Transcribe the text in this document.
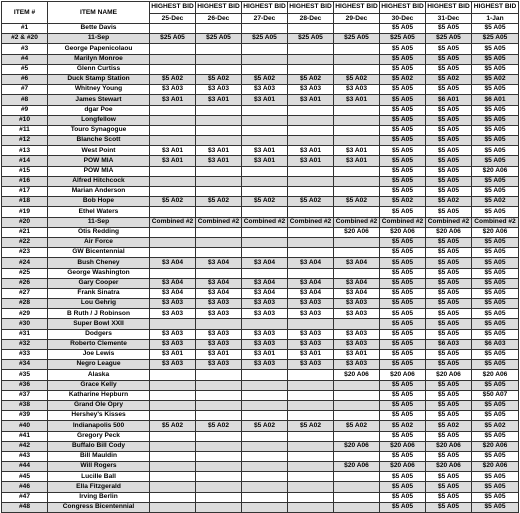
ITEM #	ITEM NAME	HIGHEST BID	HIGHEST BID	HIGHEST BID	HIGHEST BID	HIGHEST BID	HIGHEST BID	HIGHEST BID	HIGHEST BID
		25-Dec	26-Dec	27-Dec	28-Dec	29-Dec	30-Dec	31-Dec	1-Jan
#1	Bette Davis						$5 A05	$5 A05	$5 A05
#2 & #20	11-Sep	$25 A05	$25 A05	$25 A05	$25 A05	$25 A05	$25 A05	$25 A05	$25 A05
#3	George Papenicolaou						$5 A05	$5 A05	$5 A05
#4	Marilyn Monroe						$5 A05	$5 A05	$5 A05
#5	Glenn Curtiss						$5 A05	$5 A05	$5 A05
#6	Duck Stamp Station	$5 A02	$5 A02	$5 A02	$5 A02	$5 A02	$5 A02	$5 A02	$5 A02
#7	Whitney Young	$3 A03	$3 A03	$3 A03	$3 A03	$3 A03	$5 A05	$5 A05	$5 A05
#8	James Stewart	$3 A01	$3 A01	$3 A01	$3 A01	$3 A01	$5 A05	$6 A01	$6 A01
#9	dgar Poe						$5 A05	$5 A05	$5 A05
#10	Longfellow						$5 A05	$5 A05	$5 A05
#11	Touro Synagogue						$5 A05	$5 A05	$5 A05
#12	Blanche Scott						$5 A05	$5 A05	$5 A05
#13	West Point	$3 A01	$3 A01	$3 A01	$3 A01	$3 A01	$5 A05	$5 A05	$5 A05
#14	POW MIA	$3 A01	$3 A01	$3 A01	$3 A01	$3 A01	$5 A05	$5 A05	$5 A05
#15	POW MIA						$5 A05	$5 A05	$20 A06
#16	Alfred Hitchcock						$5 A05	$5 A05	$5 A05
#17	Marian Anderson						$5 A05	$5 A05	$5 A05
#18	Bob Hope	$5 A02	$5 A02	$5 A02	$5 A02	$5 A02	$5 A02	$5 A02	$5 A02
#19	Ethel Waters						$5 A05	$5 A05	$5 A05
#20	11-Sep	Combined #2	Combined #2	Combined #2	Combined #2	Combined #2	Combined #2	Combined #2	Combined #2
#21	Otis Redding					$20 A06	$20 A06	$20 A06	$20 A06
#22	Air Force						$5 A05	$5 A05	$5 A05
#23	GW Bicentennial						$5 A05	$5 A05	$5 A05
#24	Bush Cheney	$3 A04	$3 A04	$3 A04	$3 A04	$3 A04	$5 A05	$5 A05	$5 A05
#25	George Washington						$5 A05	$5 A05	$5 A05
#26	Gary Cooper	$3 A04	$3 A04	$3 A04	$3 A04	$3 A04	$5 A05	$5 A05	$5 A05
#27	Frank Sinatra	$3 A04	$3 A04	$3 A04	$3 A04	$3 A04	$5 A05	$5 A05	$5 A05
#28	Lou Gehrig	$3 A03	$3 A03	$3 A03	$3 A03	$3 A03	$5 A05	$5 A05	$5 A05
#29	B Ruth / J Robinson	$3 A03	$3 A03	$3 A03	$3 A03	$3 A03	$5 A05	$5 A05	$5 A05
#30	Super Bowl XXII						$5 A05	$5 A05	$5 A05
#31	Dodgers	$3 A03	$3 A03	$3 A03	$3 A03	$3 A03	$5 A05	$5 A05	$5 A05
#32	Roberto Clemente	$3 A03	$3 A03	$3 A03	$3 A03	$3 A03	$5 A05	$6 A03	$6 A03
#33	Joe Lewis	$3 A01	$3 A01	$3 A01	$3 A01	$3 A01	$5 A05	$5 A05	$5 A05
#34	Negro League	$3 A03	$3 A03	$3 A03	$3 A03	$3 A03	$5 A05	$5 A05	$5 A05
#35	Alaska					$20 A06	$20 A06	$20 A06	$20 A06
#36	Grace Kelly						$5 A05	$5 A05	$5 A05
#37	Katharine Hepburn						$5 A05	$5 A05	$50 A07
#38	Grand Ole Opry						$5 A05	$5 A05	$5 A05
#39	Hershey's Kisses						$5 A05	$5 A05	$5 A05
#40	Indianapolis 500	$5 A02	$5 A02	$5 A02	$5 A02	$5 A02	$5 A02	$5 A02	$5 A02
#41	Gregory Peck						$5 A05	$5 A05	$5 A05
#42	Buffalo Bill Cody					$20 A06	$20 A06	$20 A06	$20 A06
#43	Bill Mauldin						$5 A05	$5 A05	$5 A05
#44	Will Rogers					$20 A06	$20 A06	$20 A06	$20 A06
#45	Lucille Ball						$5 A05	$5 A05	$5 A05
#46	Ella Fitzgerald						$5 A05	$5 A05	$5 A05
#47	Irving Berlin						$5 A05	$5 A05	$5 A05
#48	Congress Bicentennial						$5 A05	$5 A05	$5 A05
